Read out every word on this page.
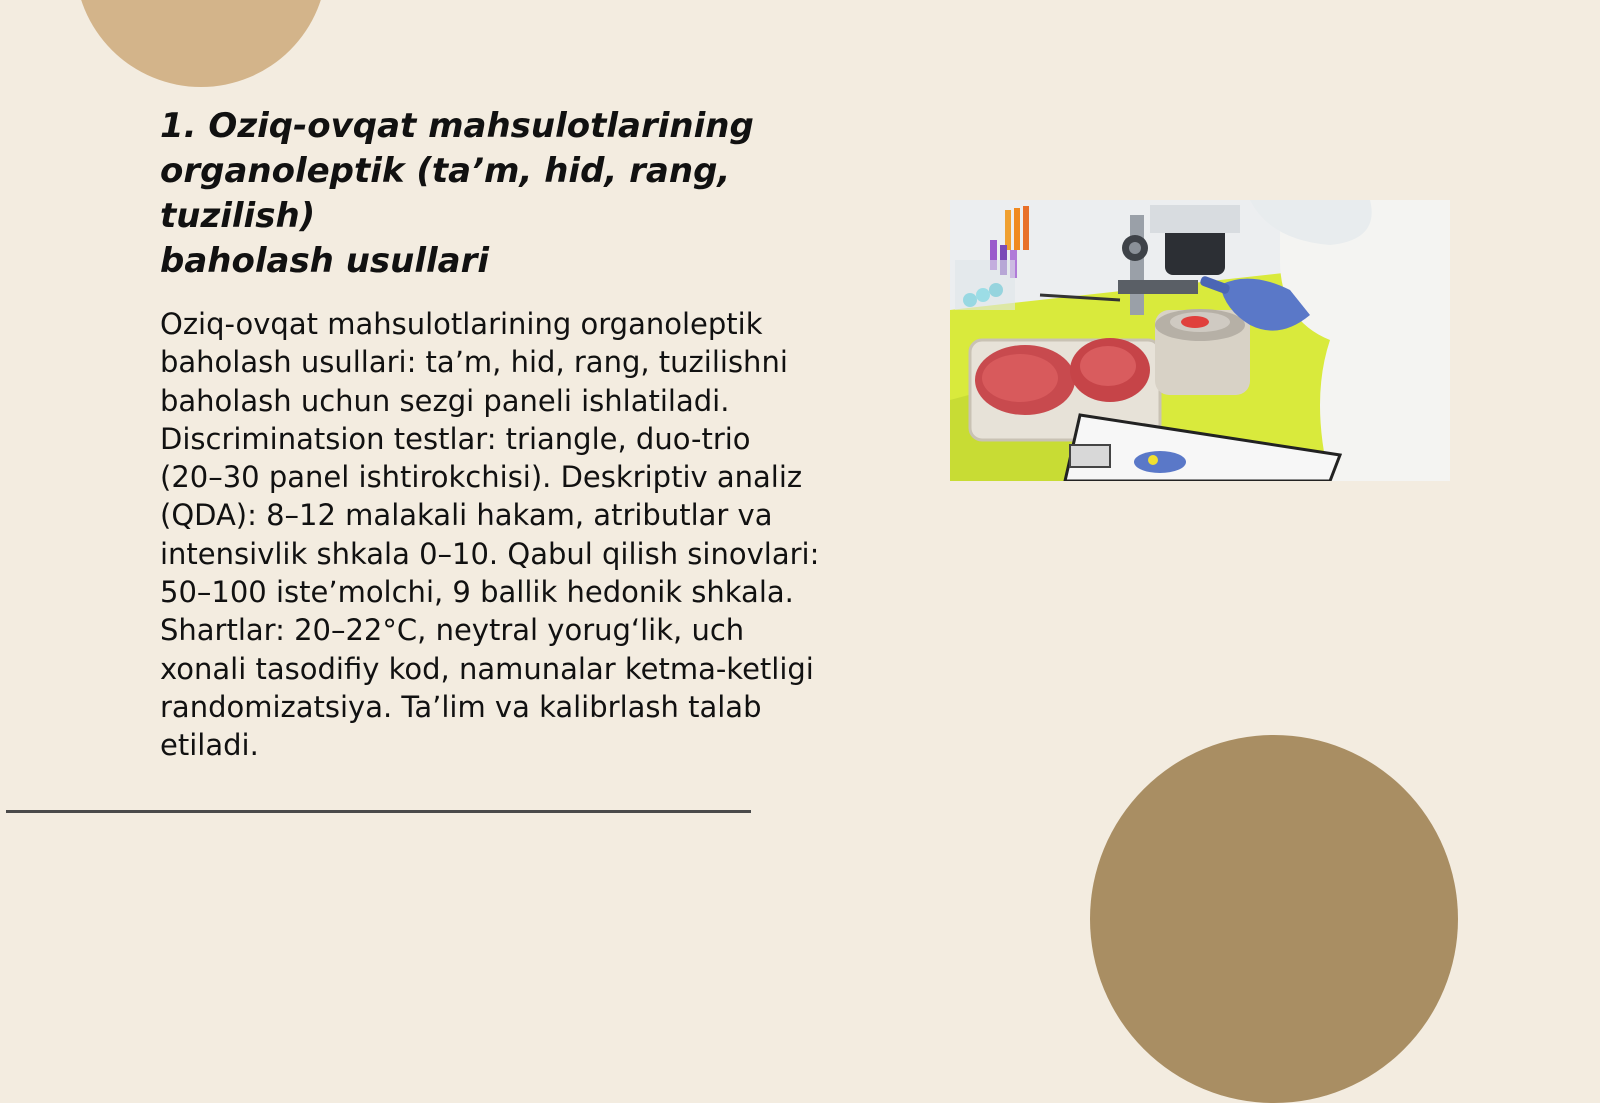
1. Oziq-ovqat mahsulotlarining
organoleptik (ta’m, hid, rang, tuzilish)
baholash usullari

Oziq-ovqat mahsulotlarining organoleptik
baholash usullari: ta’m, hid, rang, tuzilishni
baholash uchun sezgi paneli ishlatiladi.
Discriminatsion testlar: triangle, duo-trio
(20–30 panel ishtirokchisi). Deskriptiv analiz
(QDA): 8–12 malakali hakam, atributlar va
intensivlik shkala 0–10. Qabul qilish sinovlari:
50–100 iste’molchi, 9 ballik hedonik shkala.
Shartlar: 20–22°C, neytral yorugʻlik, uch
xonali tasodifiy kod, namunalar ketma-ketligi
randomizatsiya. Ta’lim va kalibrlash talab
etiladi.
